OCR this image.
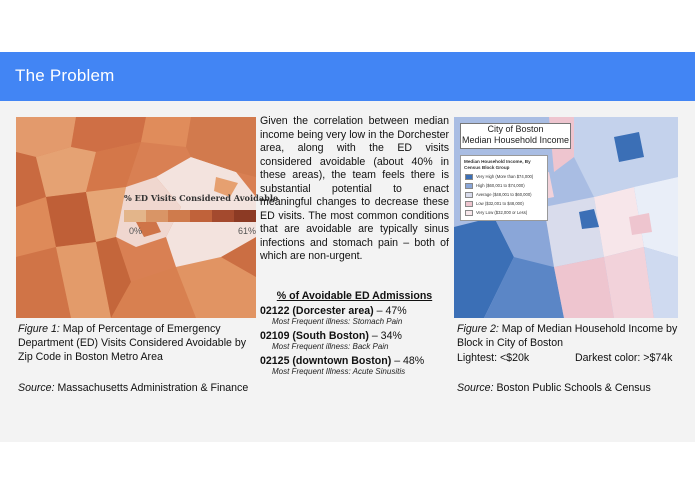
The Problem
% ED Visits Considered Avoidable
0%	61%
Figure 1: Map of Percentage of Emergency Department (ED) Visits Considered Avoidable by Zip Code in Boston Metro Area
Source: Massachusetts Administration & Finance
Given the correlation between median income being very low in the Dorchester area, along with the ED visits considered avoidable (about 40% in these areas), the team feels there is substantial potential to enact meaningful changes to decrease these ED visits. The most common conditions that are avoidable are typically sinus infections and stomach pain – both of which are non-urgent.
% of Avoidable ED Admissions
02122 (Dorcester area) – 47%
Most Frequent illness: Stomach Pain
02109 (South Boston) – 34%
Most Frequent illness: Back Pain
02125 (downtown Boston) – 48%
Most Frequent Illness: Acute Sinusitis
City of Boston
Median Household Income
Median Household Income, By Census Block Group
Very High (More than $74,000)
High ($60,001 to $74,000)
Average ($48,001 to $60,000)
Low ($32,001 to $48,000)
Very Low ($32,000 or Less)
Figure 2: Map of Median Household Income by Block in City of Boston
Lightest: <$20k	Darkest color: >$74k
Source: Boston Public Schools & Census
